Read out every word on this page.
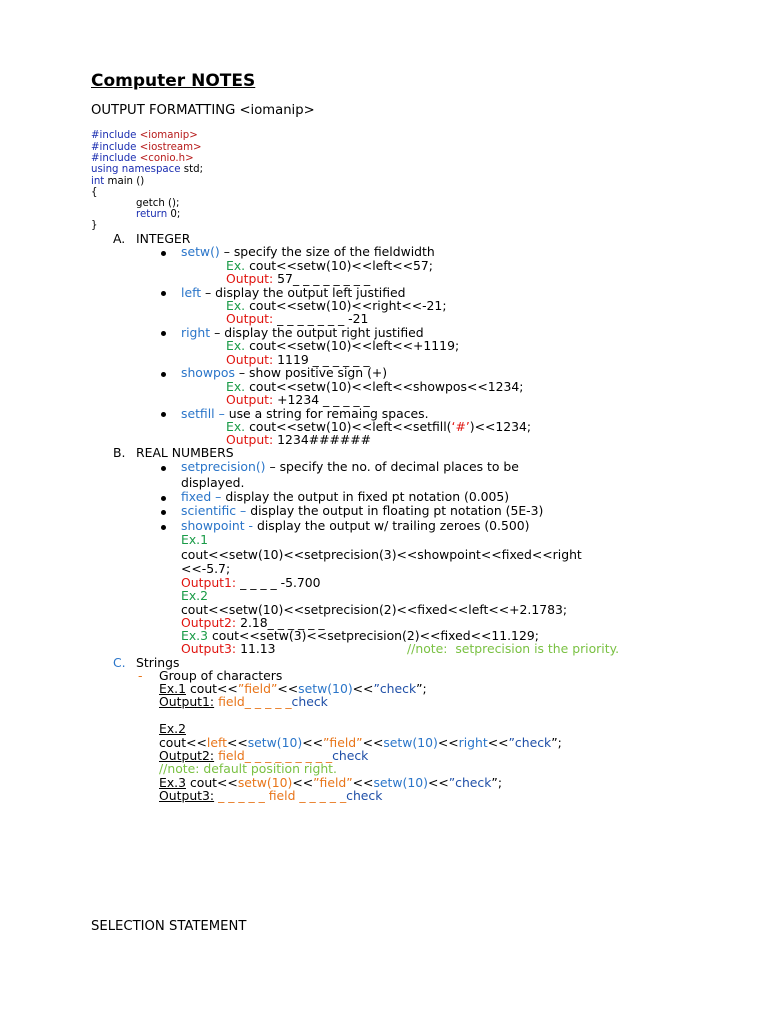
Computer NOTES
OUTPUT FORMATTING <iomanip>
#include <iomanip>
#include <iostream>
#include <conio.h>
using namespace std;
int main ()
{
getch ();
return 0;
}
A. INTEGER
setw() – specify the size of the fieldwidth
Ex. cout<<setw(10)<<left<<57;
Output: 57_ _ _ _ _ _ _ _
left – display the output left justified
Ex. cout<<setw(10)<<right<<-21;
Output: _ _ _ _ _ _ _ -21
right – display the output right justified
Ex. cout<<setw(10)<<left<<+1119;
Output: 1119 _ _ _ _ _ _
showpos – show positive sign (+)
Ex. cout<<setw(10)<<left<<showpos<<1234;
Output: +1234 _ _ _ _ _
setfill – use a string for remaing spaces.
Ex. cout<<setw(10)<<left<<setfill(‘#’)<<1234;
Output: 1234######
B. REAL NUMBERS
setprecision() – specify the no. of decimal places to be
displayed.
fixed – display the output in fixed pt notation (0.005)
scientific – display the output in floating pt notation (5E-3)
showpoint - display the output w/ trailing zeroes (0.500)
Ex.1
cout<<setw(10)<<setprecision(3)<<showpoint<<fixed<<right
<<-5.7;
Output1: _ _ _ _ -5.700
Ex.2
cout<<setw(10)<<setprecision(2)<<fixed<<left<<+2.1783;
Output2: 2.18_ _ _ _ _ _
Ex.3 cout<<setw(3)<<setprecision(2)<<fixed<<11.129;
Output3: 11.13	//note:  setprecision is the priority.
C. Strings
- Group of characters
Ex.1 cout<<”field”<<setw(10)<<”check”;
Output1: field_ _ _ _ _check
Ex.2
cout<<left<<setw(10)<<”field”<<setw(10)<<right<<”check”;
Output2: field_ _ _ _ _ _ _ _ _check
//note: default position right.
Ex.3 cout<<setw(10)<<”field”<<setw(10)<<”check”;
Output3: _ _ _ _ _ field _ _ _ _ _check
SELECTION STATEMENT
